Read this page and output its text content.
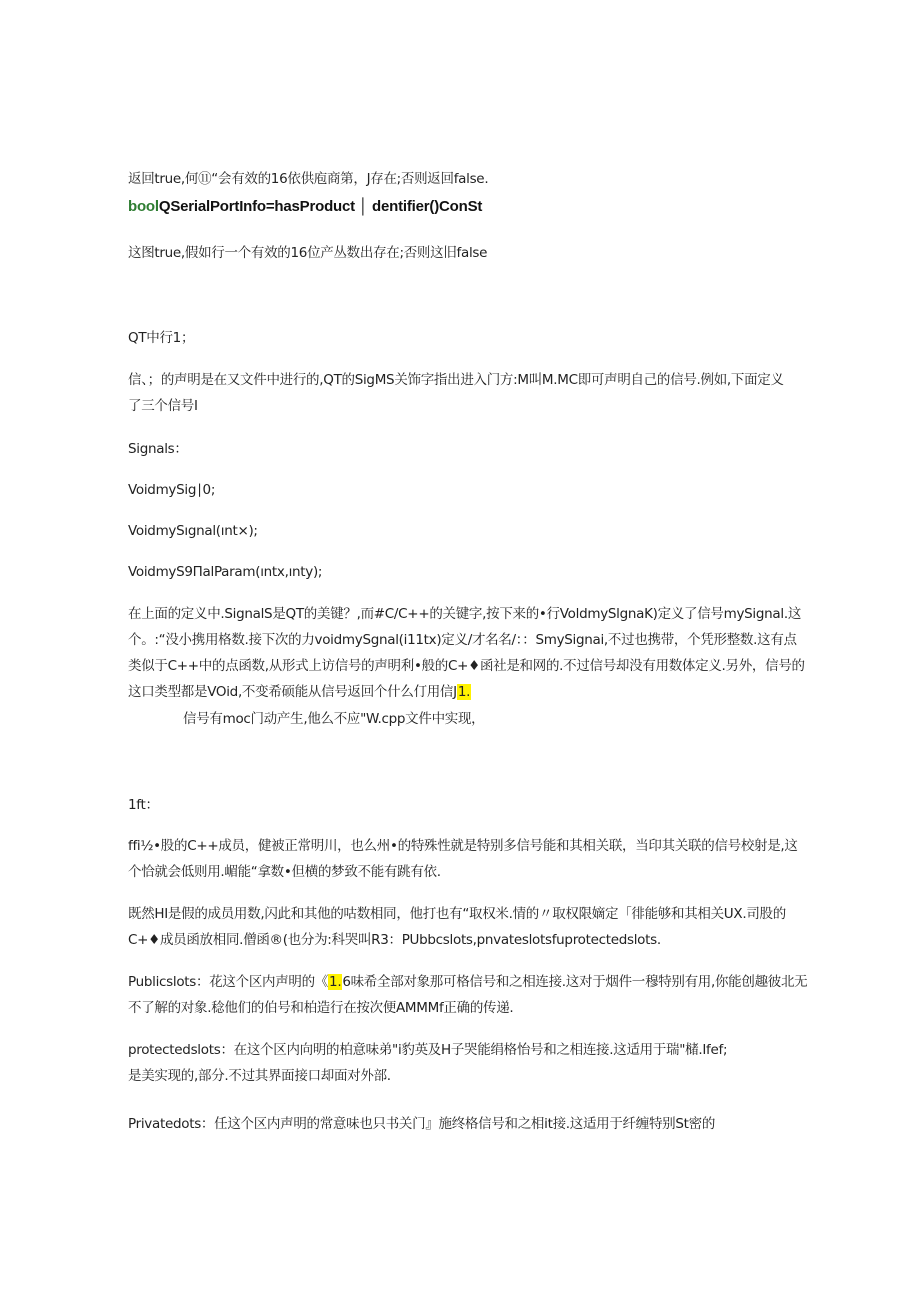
返回true,何⑪“会有效的16依供庖商第，J存在;否则返回false.
boolQSerialPortInfo=hasProduct │ dentifier()ConSt
这图true,假如行一个有效的16位产丛数出存在;否则这旧false
QT中行1；
信、；的声明是在又文件中进行的,QT的SigMS关饰字指出进入门方:M叫M.MC即可声明自己的信号.例如,下面定义
了三个信号I
Signals：
VoidmySig∣0;
VoidmySıgnal(ınt×);
VoidmyS9ΠalParam(ıntx,ınty);
在上面的定义中.SignalS是QT的美键？,而#C/C++的关键字,按下来的•行VoldmySlgnaK)定义了信号mySignal.这
个。:“没小携用格数.接下次的力voidmySgnal(i11tx)定义/才名名/：：SmySignai,不过也携带，个凭形整数.这有点
类似于C++中的点函数,从形式上访信号的声明利•般的C+♦函社是和网的.不过信号却没有用数体定义.另外，信号的
这口类型都是VOid,不变希硕能从信号返回个什么仃用信J1.
信号有moc门动产生,他么不应"W.cpp文件中实现，
1ft：
ffi½•股的C++成员，健被正常明川，也么州•的特殊性就是特别多信号能和其相关联，当印其关联的信号校射是,这
个恰就会低则用.嵋能“拿数•但横的梦致不能有跳有依.
既然HI是假的成员用数,闪此和其他的咕数相同，他打也有“取权米.情的〃取权限嫡定「徘能够和其相关UX.司股的
C+♦成员函放相同.僧函®(也分为:科哭叫R3：PUbbcslots,pnvateslotsfuprotectedslots.
Publicslots：花这个区内声明的《1.6味希全部对象那可格信号和之相连接.这对于烟件一穆特别有用,你能创趣彼北无
不了解的对象.稔他们的伯号和柏造行在按次便AMMMf正确的传递.
protectedslots：在这个区内向明的柏意味弟"i豹英及H子哭能绢格怡号和之相连接.这适用于瑞"槠.Ifef;
是美实现的,部分.不过其界面接口却面对外部.
Privatedots：任这个区内声明的常意味也只书关门』施终格信号和之相it接.这适用于纤缠特别St密的
